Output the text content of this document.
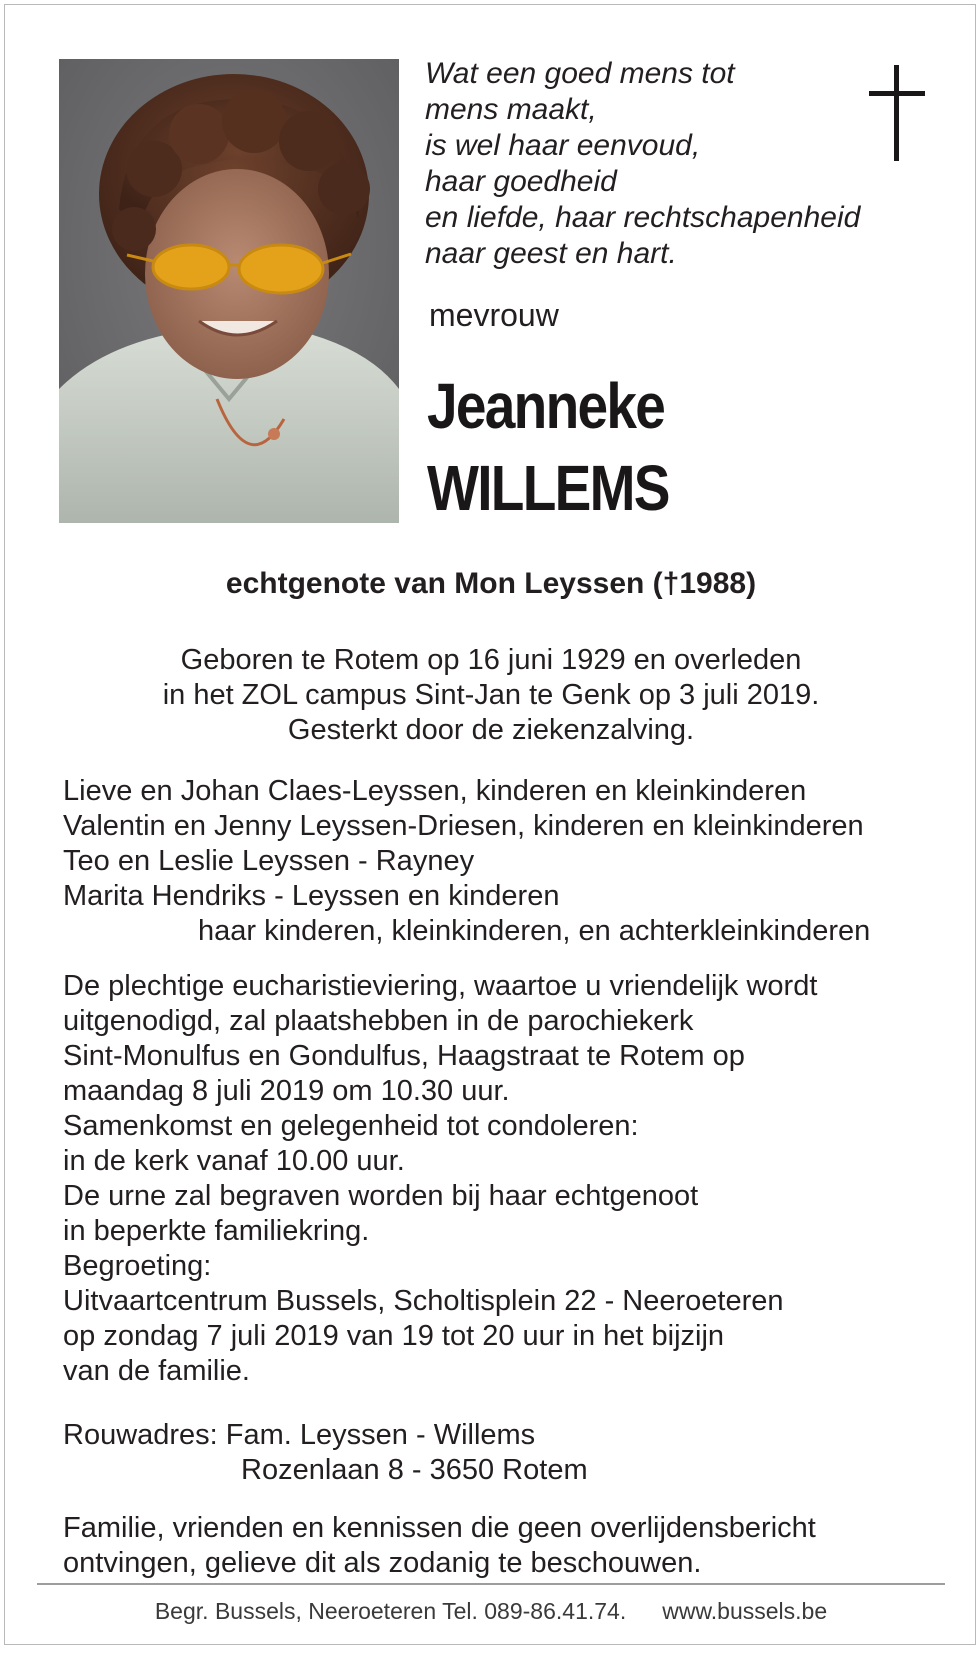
Wat een goed mens tot
mens maakt,
is wel haar eenvoud,
haar goedheid
en liefde, haar rechtschapenheid
naar geest en hart.
mevrouw
Jeanneke
WILLEMS
echtgenote van Mon Leyssen (†1988)
Geboren te Rotem op 16 juni 1929 en overleden
in het ZOL campus Sint-Jan te Genk op 3 juli 2019.
Gesterkt door de ziekenzalving.
Lieve en Johan Claes-Leyssen, kinderen en kleinkinderen
Valentin en Jenny Leyssen-Driesen, kinderen en kleinkinderen
Teo en Leslie Leyssen - Rayney
Marita Hendriks - Leyssen en kinderen
haar kinderen, kleinkinderen, en achterkleinkinderen
De plechtige eucharistieviering, waartoe u vriendelijk wordt
uitgenodigd, zal plaatshebben in de parochiekerk
Sint-Monulfus en Gondulfus, Haagstraat te Rotem op
maandag 8 juli 2019 om 10.30 uur.
Samenkomst en gelegenheid tot condoleren:
in de kerk vanaf 10.00 uur.
De urne zal begraven worden bij haar echtgenoot
in beperkte familiekring.
Begroeting:
Uitvaartcentrum Bussels, Scholtisplein 22 - Neeroeteren
op zondag 7 juli 2019 van 19 tot 20 uur in het bijzijn
van de familie.
Rouwadres: Fam. Leyssen - Willems
Rozenlaan 8 - 3650 Rotem
Familie, vrienden en kennissen die geen overlijdensbericht
ontvingen, gelieve dit als zodanig te beschouwen.
Begr. Bussels, Neeroeteren Tel. 089-86.41.74. www.bussels.be
